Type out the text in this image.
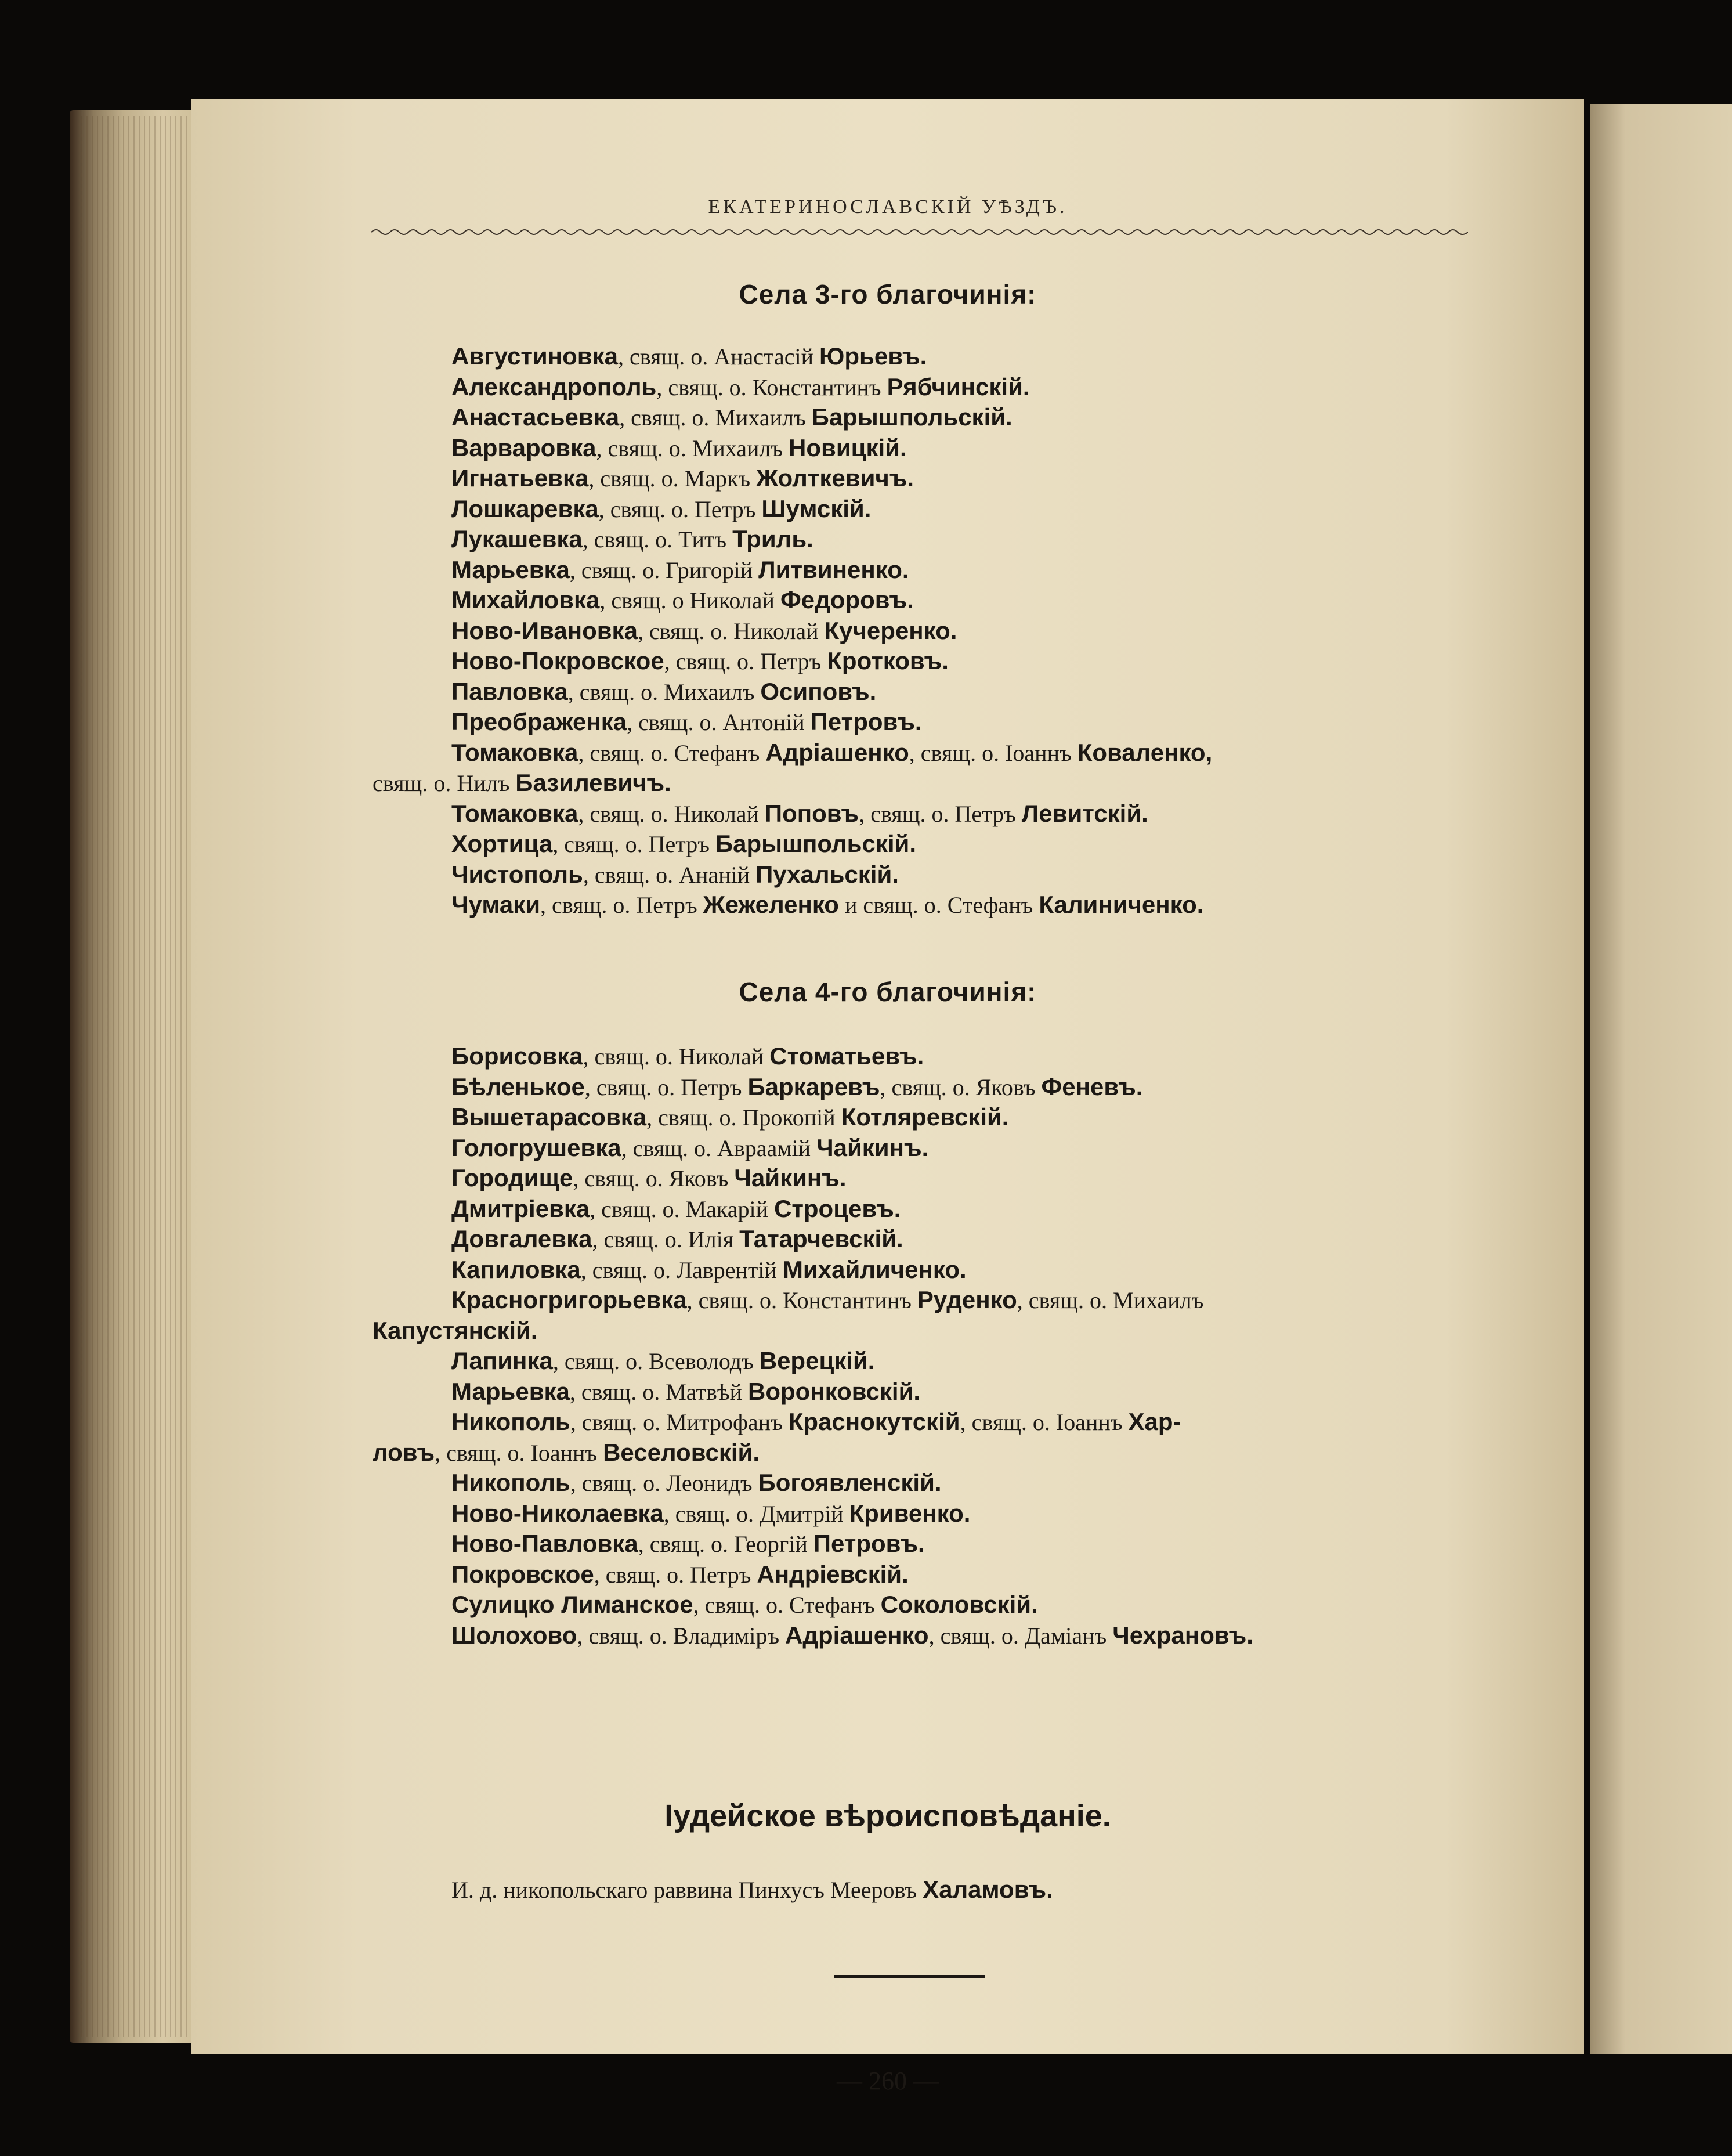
ЕКАТЕРИНОСЛАВСКІЙ УѢЗДЪ.
Села 3-го благочинія:
Августиновка, свящ. о. Анастасій Юрьевъ.
Александрополь, свящ. о. Константинъ Рябчинскій.
Анастасьевка, свящ. о. Михаилъ Барышпольскій.
Варваровка, свящ. о. Михаилъ Новицкій.
Игнатьевка, свящ. о. Маркъ Жолткевичъ.
Лошкаревка, свящ. о. Петръ Шумскій.
Лукашевка, свящ. о. Титъ Триль.
Марьевка, свящ. о. Григорій Литвиненко.
Михайловка, свящ. о Николай Федоровъ.
Ново-Ивановка, свящ. о. Николай Кучеренко.
Ново-Покровское, свящ. о. Петръ Кротковъ.
Павловка, свящ. о. Михаилъ Осиповъ.
Преображенка, свящ. о. Антоній Петровъ.
Томаковка, свящ. о. Стефанъ Адріашенко, свящ. о. Іоаннъ Коваленко,
свящ. о. Нилъ Базилевичъ.
Томаковка, свящ. о. Николай Поповъ, свящ. о. Петръ Левитскій.
Хортица, свящ. о. Петръ Барышпольскій.
Чистополь, свящ. о. Ананій Пухальскій.
Чумаки, свящ. о. Петръ Жежеленко и свящ. о. Стефанъ Калиниченко.
Села 4-го благочинія:
Борисовка, свящ. о. Николай Стоматьевъ.
Бѣленькое, свящ. о. Петръ Баркаревъ, свящ. о. Яковъ Феневъ.
Вышетарасовка, свящ. о. Прокопій Котляревскій.
Гологрушевка, свящ. о. Авраамій Чайкинъ.
Городище, свящ. о. Яковъ Чайкинъ.
Дмитріевка, свящ. о. Макарій Строцевъ.
Довгалевка, свящ. о. Илія Татарчевскій.
Капиловка, свящ. о. Лаврентій Михайличенко.
Красногригорьевка, свящ. о. Константинъ Руденко, свящ. о. Михаилъ
Капустянскій.
Лапинка, свящ. о. Всеволодъ Верецкій.
Марьевка, свящ. о. Матвѣй Воронковскій.
Никополь, свящ. о. Митрофанъ Краснокутскій, свящ. о. Іоаннъ Хар-
ловъ, свящ. о. Іоаннъ Веселовскій.
Никополь, свящ. о. Леонидъ Богоявленскій.
Ново-Николаевка, свящ. о. Дмитрій Кривенко.
Ново-Павловка, свящ. о. Георгій Петровъ.
Покровское, свящ. о. Петръ Андріевскій.
Сулицко Лиманское, свящ. о. Стефанъ Соколовскій.
Шолохово, свящ. о. Владиміръ Адріашенко, свящ. о. Даміанъ Чехрановъ.
Іудейское вѣроисповѣданіе.
И. д. никопольскаго раввина Пинхусъ Мееровъ Халамовъ.
— 260 —
